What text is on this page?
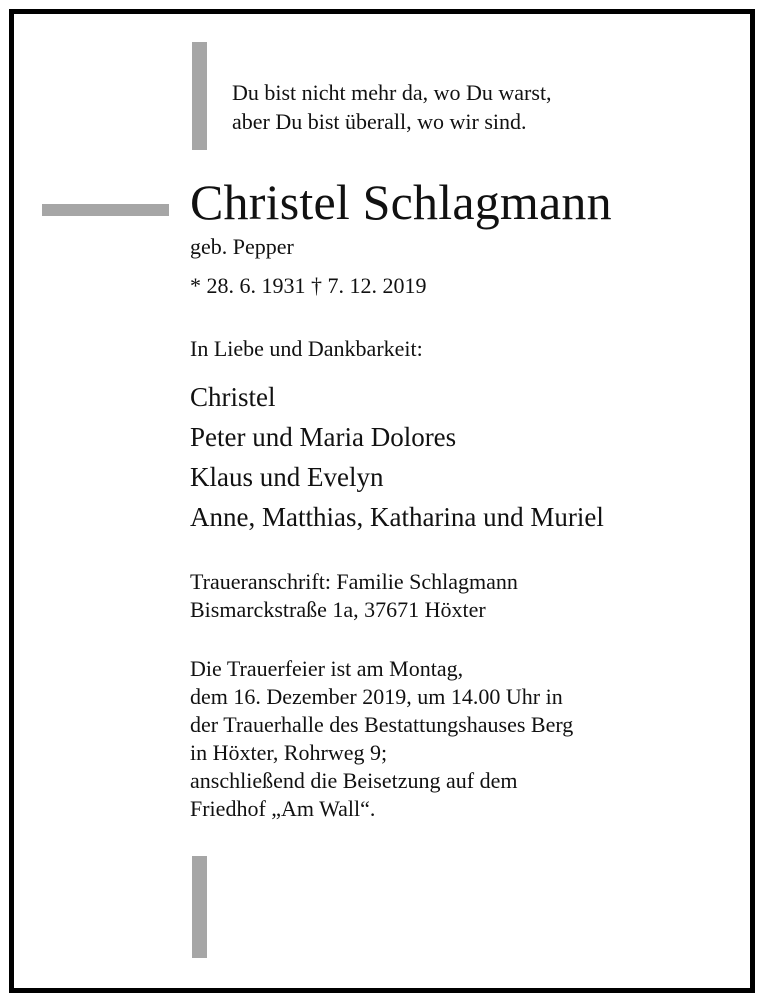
Du bist nicht mehr da, wo Du warst,
aber Du bist überall, wo wir sind.
Christel Schlagmann
geb. Pepper
* 28. 6. 1931 † 7. 12. 2019
In Liebe und Dankbarkeit:
Christel
Peter und Maria Dolores
Klaus und Evelyn
Anne, Matthias, Katharina und Muriel
Traueranschrift: Familie Schlagmann
Bismarckstraße 1a, 37671 Höxter
Die Trauerfeier ist am Montag,
dem 16. Dezember 2019, um 14.00 Uhr in
der Trauerhalle des Bestattungshauses Berg
in Höxter, Rohrweg 9;
anschließend die Beisetzung auf dem
Friedhof „Am Wall“.
